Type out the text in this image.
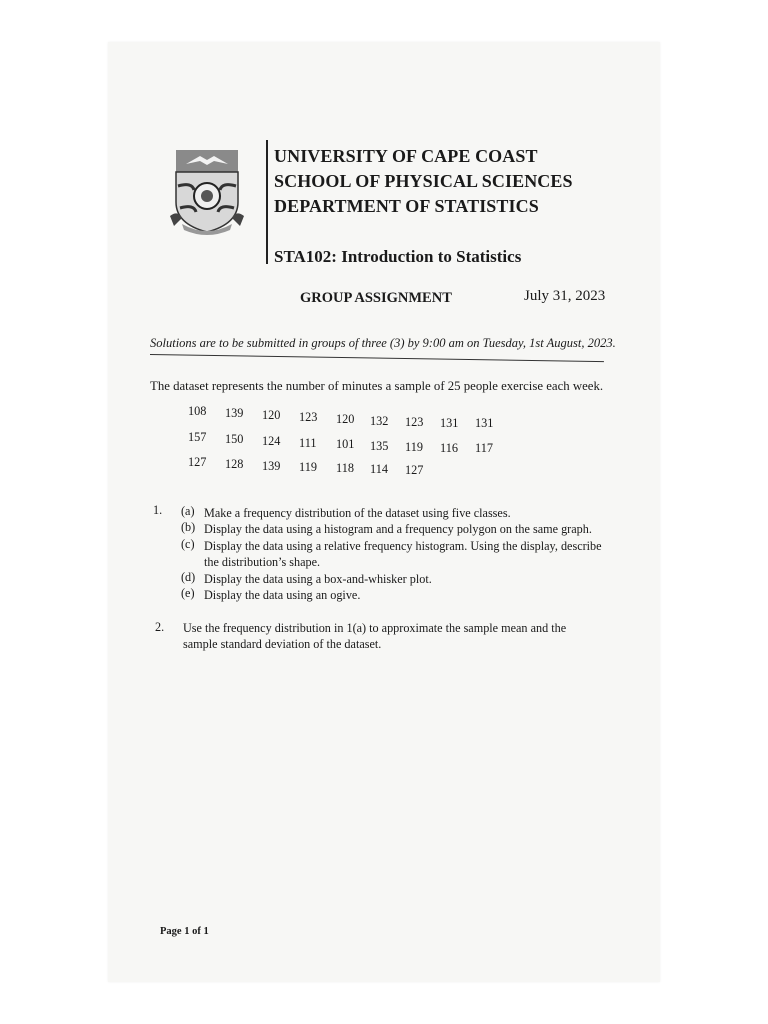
UNIVERSITY OF CAPE COAST
SCHOOL OF PHYSICAL SCIENCES
DEPARTMENT OF STATISTICS
STA102: Introduction to Statistics
GROUP ASSIGNMENT	July 31, 2023
Solutions are to be submitted in groups of three (3) by 9:00 am on Tuesday, 1st August, 2023.
The dataset represents the number of minutes a sample of 25 people exercise each week.
108 139 120 123 120 132 123 131 131
157 150 124 111 101 135 119 116 117
127 128 139 119 118 114 127
1. (a) Make a frequency distribution of the dataset using five classes.
(b) Display the data using a histogram and a frequency polygon on the same graph.
(c) Display the data using a relative frequency histogram. Using the display, describe
the distribution’s shape.
(d) Display the data using a box-and-whisker plot.
(e) Display the data using an ogive.
2. Use the frequency distribution in 1(a) to approximate the sample mean and the
sample standard deviation of the dataset.
Page 1 of 1
